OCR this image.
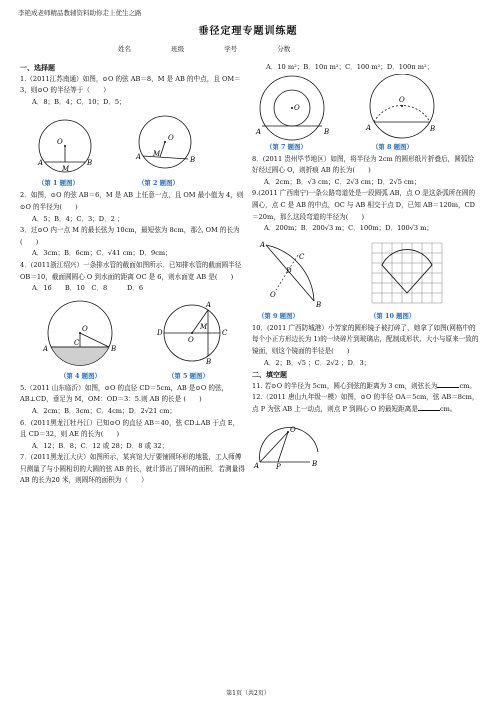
李艳成老师精品教辅资料助你走上优生之路
垂径定理专题训练题
姓名	班级	学号	分数
一、选择题

1.（2011江苏南通）如图，⊙O 的弦 AB＝8，M 是 AB 的中点，且 OM＝3，则⊙O 的半径等于（　　）

A．8；B．4；C．10；D．5；

O
A
M
B
O
A M
B
（第 1 题图）	（第 2 题图）

2．如图，⊙O 的弦 AB＝6，M 是 AB 上任意一点，且 OM 最小值为 4，则⊙O 的半径为(　　)

A．5；B．4；C．3；D．2 ；

3．过⊙O 内一点 M 的最长弦为 10cm，最短弦为 8cm，那么 OM 的长为(　　)

A．3cm；B．6cm；C．√41 cm；D．9cm；

4．(2011浙江绍兴）一条排水管的截面如图所示．已知排水管的截面圆半径 OB＝10，截面圆圆心 O 到水面的距离 OC 是 6，则水面宽 AB 是(　　)

A．16　　B．10　C．8　　　D．6

O
A
C
B
O
D	C
A
B
M
（第 4 题图）	（第 5 题图）

5.（2011 山东临沂）如图，⊙O 的直径 CD＝5cm，AB 是⊙O 的弦，AB⊥CD，垂足为 M，OM：OD＝3：5.则 AB 的长是 (　　)

A．2cm；B．3cm；C．4cm；D．2√21 cm；

6．(2011黑龙江牡丹江）已知⊙O 的直径 AB＝40，弦 CD⊥AB 于点 E，且 CD＝32，则 AE 的长为(　　)

A．12；B．8；C．12 或 28；D．8 或 32；

7．(2011黑龙江大庆）如图所示，某宾馆大厅要铺圆环形的地毯，工人师傅只测量了与小圆相切的大圆的弦 AB 的长，就计算出了圆环的面积．若测量得 AB 的长为20 米，则圆环的面积为（　　）

A．10 m²；B．10π m²；C．100 m²；D．100π m²；

O
A	B
O
A	B
（第 7 题图）	（第 8 题图）

8．(2011 贵州毕节地区）如图，将半径为 2cm 的圆形纸片折叠后，圆弧恰好经过圆心 O，则折痕 AB 的长为(　　)

A．2cm；B．√3 cm；C．2√3 cm；D．2√5 cm；

9.(2011 广西南宁)一条公路弯道处是一段圆弧 AB，点 O 是这条弧所在圆的圆心，点 C 是 AB 的中点，OC 与 AB 相交于点 D，已知 AB＝120m，CD＝20m，那么这段弯道的半径为(　　)

A．200m；B．200√3 m；C．100m；D．100√3 m；

A
C
D
B
O
（第 9 题图）	（第 10 题图）

10．(2011 广西防城港）小芳家的圆形镜子被打碎了，她拿了如图(网格中的每个小正方形边长为 1)的一块碎片到玻璃店，配制成形状、大小与原来一致的镜面，则这个镜面的半径是(　　)

A．2；B．√5 ；C．2√2 ；D．3；

二、填空题

11. 若⊙O 的半径为 5cm，圆心到弦的距离为 3 cm，则弦长为	cm。

12.（2011 唐山九年级一模）如图，⊙O 的半径 OA＝5cm，弦 AB＝8cm，点 P 为弦 AB 上一动点，则点 P 到圆心 O 的最短距离是	cm。

O
A P	B
第1页（共2页）
